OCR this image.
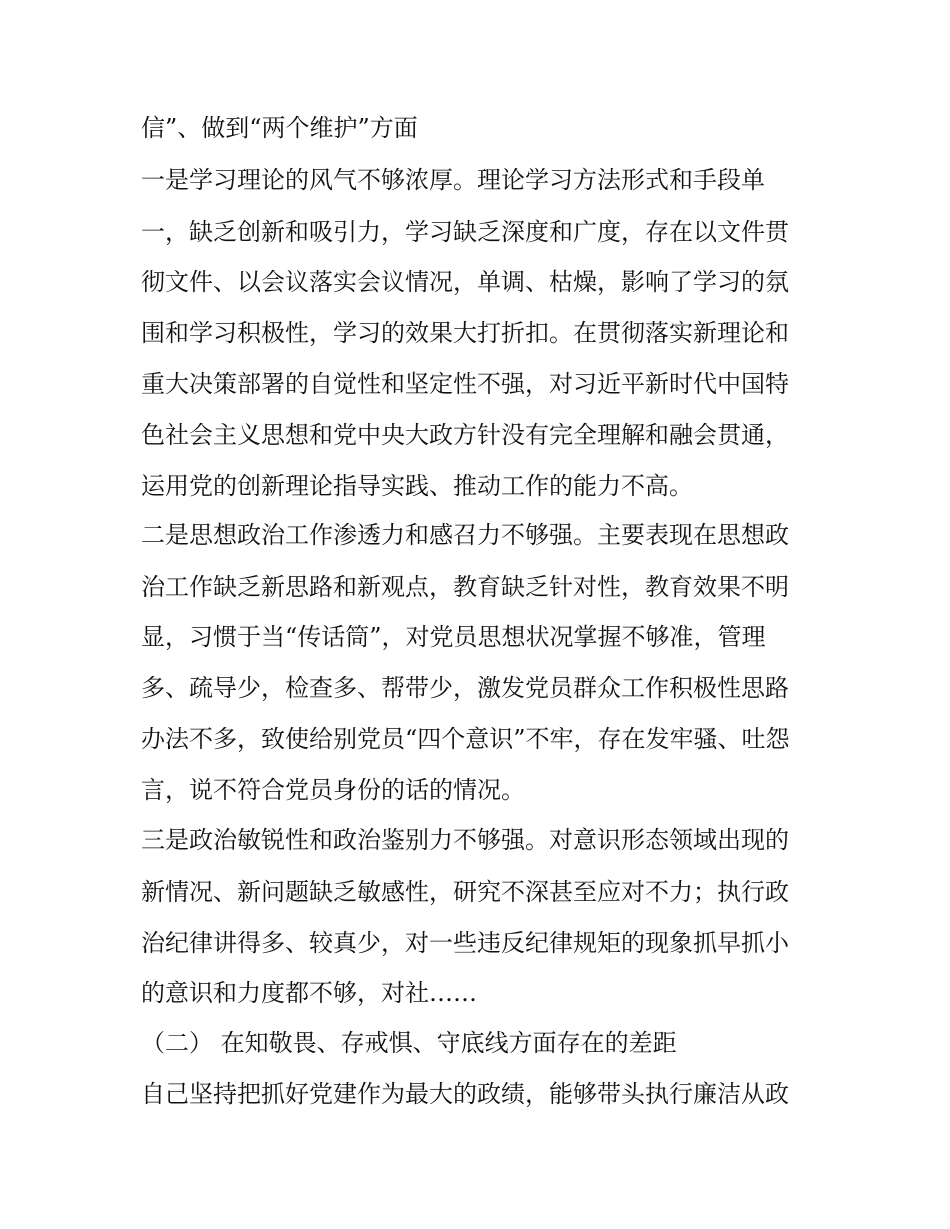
信”、做到“两个维护”方面
一是学习理论的风气不够浓厚。理论学习方法形式和手段单
一，缺乏创新和吸引力，学习缺乏深度和广度，存在以文件贯
彻文件、以会议落实会议情况，单调、枯燥，影响了学习的氛
围和学习积极性，学习的效果大打折扣。在贯彻落实新理论和
重大决策部署的自觉性和坚定性不强，对习近平新时代中国特
色社会主义思想和党中央大政方针没有完全理解和融会贯通，
运用党的创新理论指导实践、推动工作的能力不高。
二是思想政治工作渗透力和感召力不够强。主要表现在思想政
治工作缺乏新思路和新观点，教育缺乏针对性，教育效果不明
显，习惯于当“传话筒”，对党员思想状况掌握不够准，管理
多、疏导少，检查多、帮带少，激发党员群众工作积极性思路
办法不多，致使给别党员“四个意识”不牢，存在发牢骚、吐怨
言，说不符合党员身份的话的情况。
三是政治敏锐性和政治鉴别力不够强。对意识形态领域出现的
新情况、新问题缺乏敏感性，研究不深甚至应对不力；执行政
治纪律讲得多、较真少，对一些违反纪律规矩的现象抓早抓小
的意识和力度都不够，对社……
（二） 在知敬畏、存戒惧、守底线方面存在的差距
自己坚持把抓好党建作为最大的政绩，能够带头执行廉洁从政
